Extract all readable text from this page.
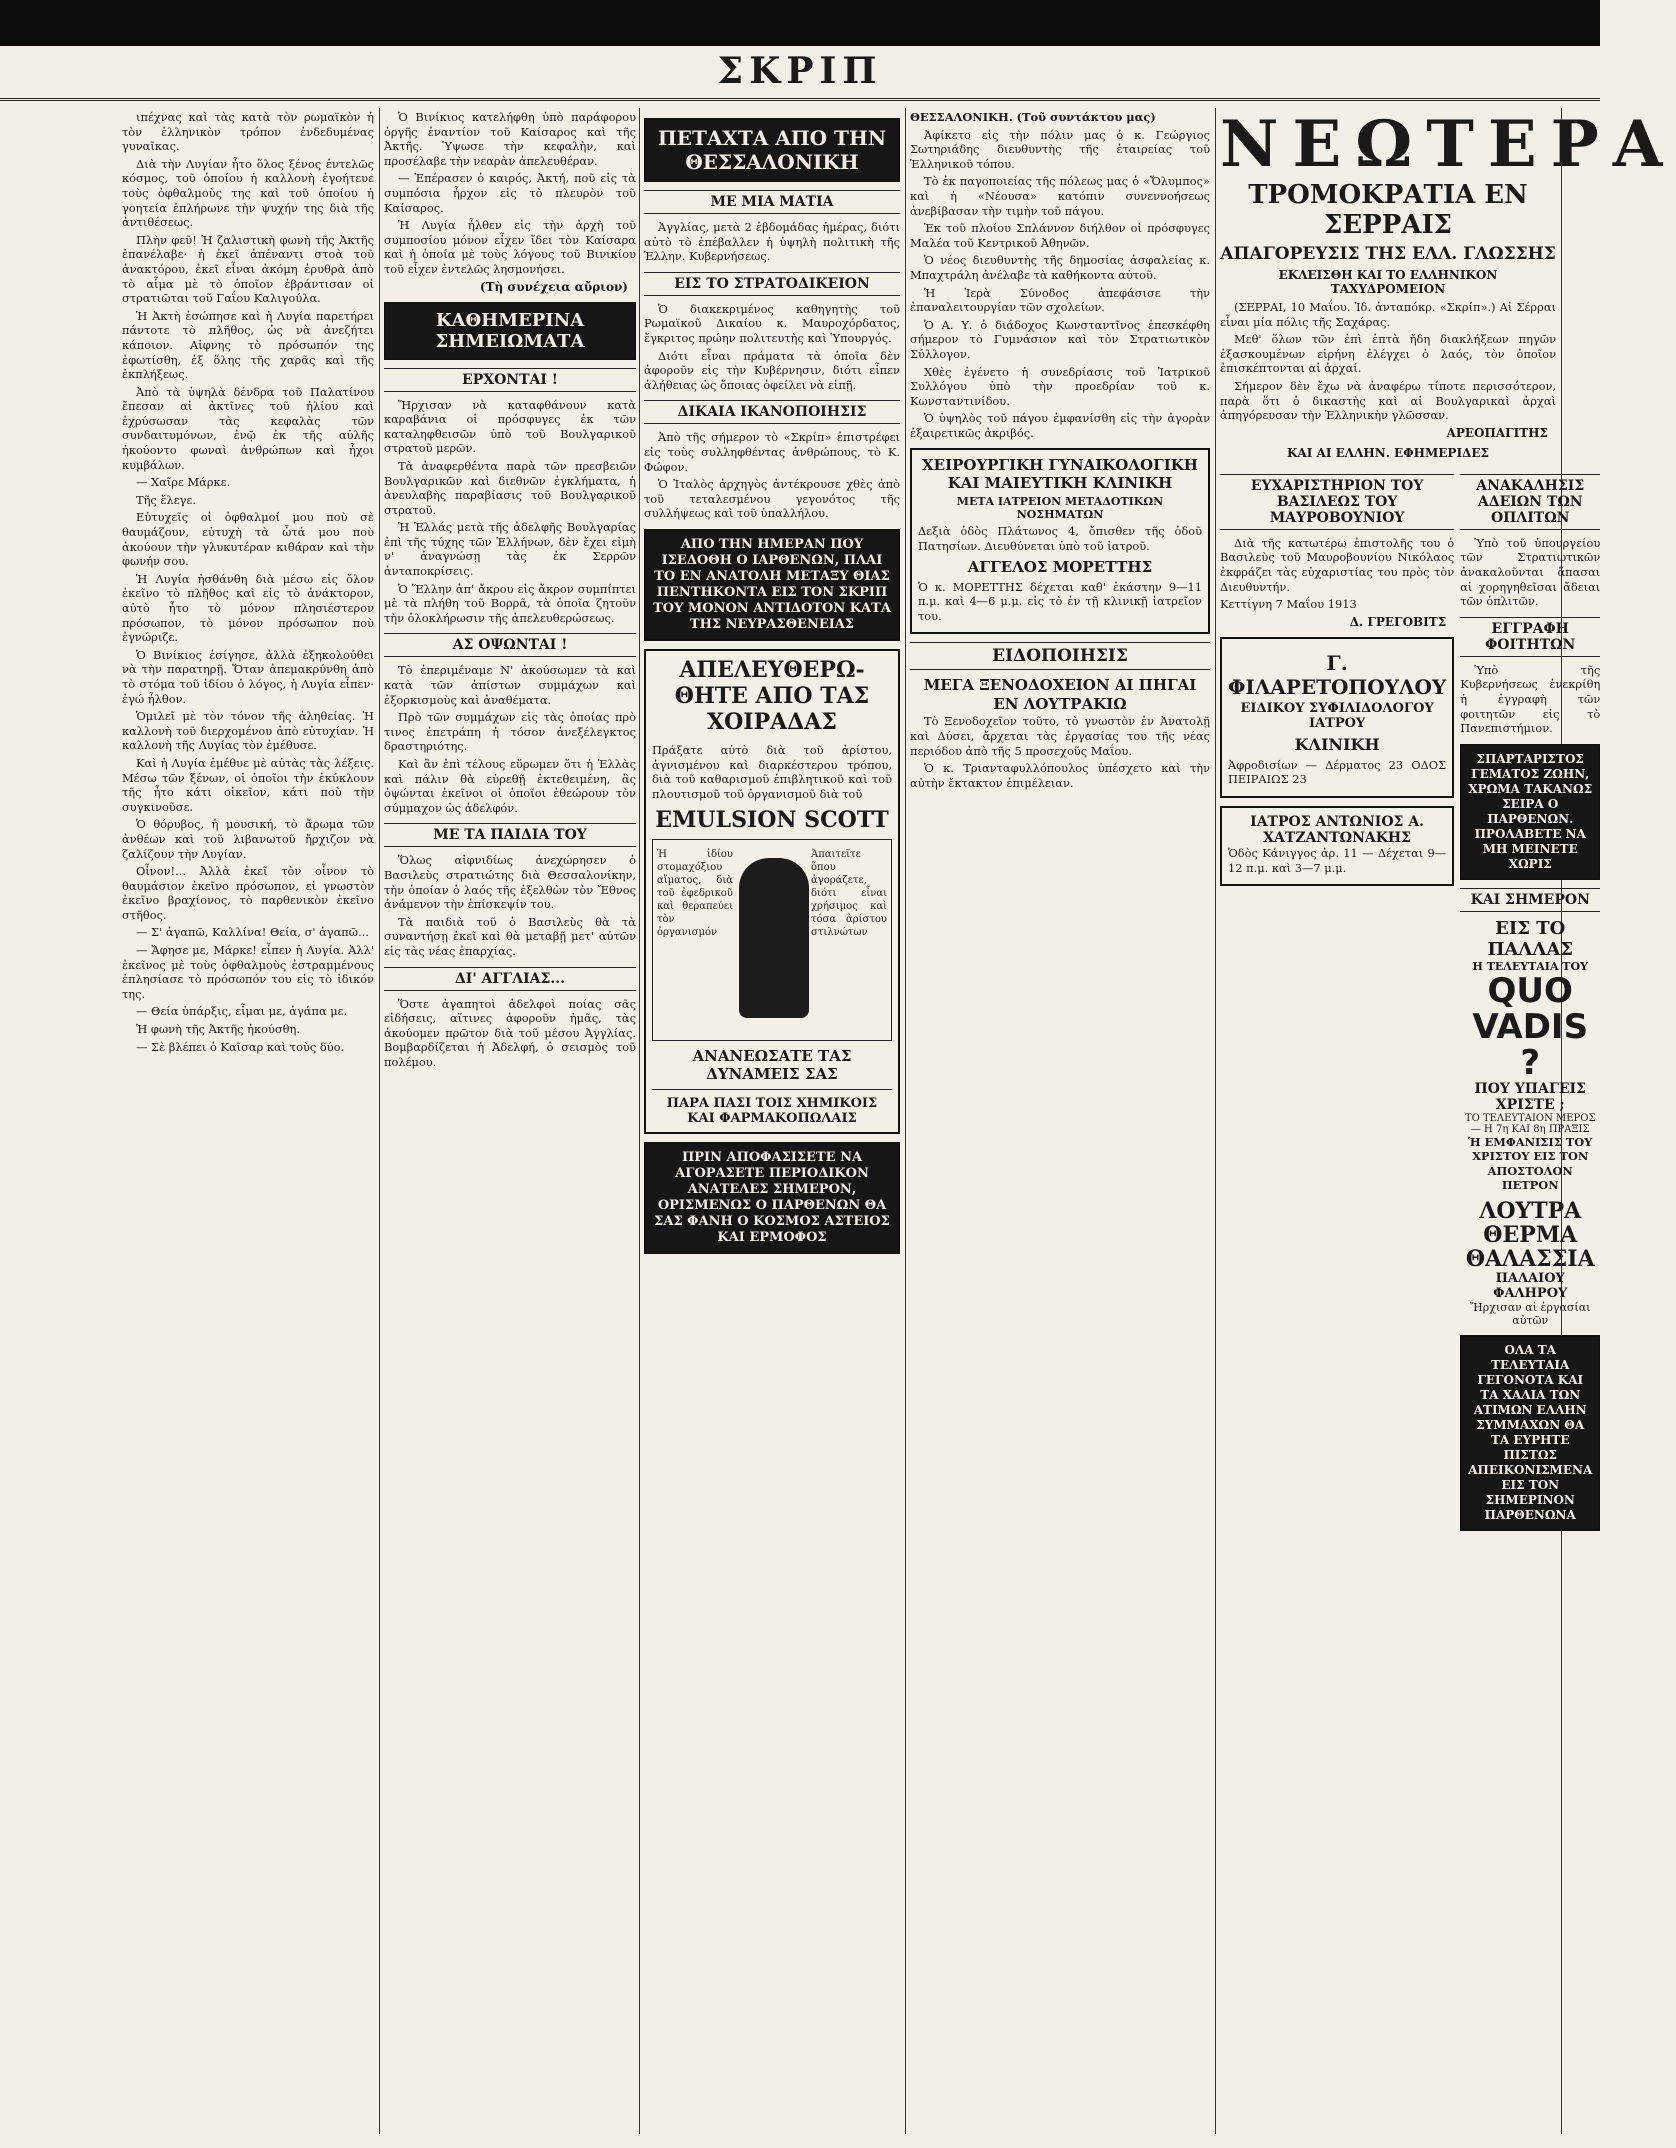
ΣΚΡΙΠ

ιπέχνας καὶ τὰς κατὰ τὸν ρωμαϊκὸν ἡ τὸν ἑλληνικὸν τρόπον ἐνδεδυμένας γυναῖκας.

Διὰ τὴν Λυγίαν ἦτο ὅλος ξένος ἐντελῶς κόσμος, τοῦ ὁποίου ἡ καλλονὴ ἐγοήτευε τοὺς ὀφθαλμοὺς της καὶ τοῦ ὁποίου ἡ γοητεία ἐπλήρωνε τὴν ψυχήν της διὰ τῆς ἀντιθέσεως.

Πλὴν φεῦ! Ἡ ζαλιστικὴ φωνὴ τῆς Ἀκτῆς ἐπανέλαβε· ἡ ἐκεῖ ἀπέναντι στοὰ τοῦ ἀνακτόρου, ἐκεῖ εἶναι ἀκόμη ἐρυθρὰ ἀπὸ τὸ αἷμα μὲ τὸ ὁποῖον ἐβράντισαν οἱ στρατιῶται τοῦ Γαΐου Καλιγούλα.

Ἡ Ἀκτὴ ἐσώπησε καὶ ἡ Λυγία παρετήρει πάντοτε τὸ πλῆθος, ὡς νὰ ἀνεζήτει κάποιον. Αἰφνης τὸ πρόσωπόν της ἐφωτίσθη, ἐξ ὅλης τῆς χαρᾶς καὶ τῆς ἐκπλήξεως.

Ἀπὸ τὰ ὑψηλὰ δένδρα τοῦ Παλατίνου ἔπεσαν αἱ ἀκτῖνες τοῦ ἡλίου καὶ ἐχρύσωσαν τὰς κεφαλὰς τῶν συνδαιτυμόνων, ἐνῷ ἐκ τῆς αὐλῆς ἠκούοντο φωναὶ ἀνθρώπων καὶ ἦχοι κυμβάλων.

— Χαῖρε Μάρκε.

Τῆς ἔλεγε.

Εὐτυχεῖς οἱ ὀφθαλμοί μου ποὺ σὲ θαυμάζουν, εὐτυχὴ τὰ ὦτά μου ποὺ ἀκούουν τὴν γλυκυτέραν κιθάραν καὶ τὴν φωνήν σου.

Ἡ Λυγία ἠσθάνθη διὰ μέσω εἰς ὅλον ἐκεῖνο τὸ πλῆθος καὶ εἰς τὸ ἀνάκτορον, αὐτὸ ἦτο τὸ μόνον πλησιέστερον πρόσωπον, τὸ μόνον πρόσωπον ποὺ ἐγνώριζε.

Ὁ Βινίκιος ἐσίγησε, ἀλλὰ ἐξηκολούθει νὰ τὴν παρατηρῇ. Ὅταν ἀπεμακρύνθη ἀπὸ τὸ στόμα τοῦ ἰδίου ὁ λόγος, ἡ Λυγία εἶπεν· ἐγώ ἦλθον.

Ὁμιλεῖ μὲ τὸν τόνον τῆς ἀληθείας. Ἡ καλλονὴ τοῦ διερχομένου ἀπὸ εὐτυχίαν. Ἡ καλλονὴ τῆς Λυγίας τὸν ἐμέθυσε.

Καὶ ἡ Λυγία ἐμέθυε μὲ αὐτὰς τὰς λέξεις. Μέσω τῶν ξένων, οἱ ὁποῖοι τὴν ἐκύκλουν τῆς ἦτο κάτι οἰκεῖον, κάτι ποὺ τὴν συγκινοῦσε.

Ὁ θόρυβος, ἡ μουσική, τὸ ἄρωμα τῶν ἀνθέων καὶ τοῦ λιβανωτοῦ ἤρχιζον νὰ ζαλίζουν τὴν Λυγίαν.

Οἶνον!... Ἀλλὰ ἐκεῖ τὸν οἶνον τὸ θαυμάσιον ἐκεῖνο πρόσωπον, εἰ γνωστὸν ἐκεῖνο βραχίονος, τὸ παρθενικὸν ἐκεῖνο στῆθος.

— Σ' ἀγαπῶ, Καλλίνα! Θεία, σ' ἀγαπῶ...

— Ἄφησε με, Μάρκε! εἶπεν ἡ Λυγία. Ἀλλ' ἐκεῖνος μὲ τοὺς ὀφθαλμοὺς ἐστραμμένους ἐπλησίασε τὸ πρόσωπόν του εἰς τὸ ἰδικόν της.

— Θεία ὑπάρξις, εἶμαι με, ἀγάπα με.

Ἡ φωνὴ τῆς Ἀκτῆς ἠκούσθη.

— Σὲ βλέπει ὁ Καῖσαρ καὶ τοὺς δύο.

Ὁ Βινίκιος κατελήφθη ὑπὸ παράφορου ὀργῆς ἐναντίον τοῦ Καίσαρος καὶ τῆς Ἀκτῆς. Ὑψωσε τὴν κεφαλὴν, καὶ προσέλαβε τὴν νεαρὰν ἀπελευθέραν.

— Ἐπέρασεν ὁ καιρός, Ἀκτή, ποῦ εἰς τὰ συμπόσια ἦρχον εἰς τὸ πλευρὸν τοῦ Καίσαρος.

Ἡ Λυγία ἦλθεν εἰς τὴν ἀρχὴ τοῦ συμποσίου μόνον εἶχεν ἴδει τὸν Καίσαρα καὶ ἡ ὁποία μὲ τοὺς λόγους τοῦ Βινικίου τοῦ εἶχεν ἐντελῶς λησμονήσει.

(Τὴ συνέχεια αὔριον)
ΚΑΘΗΜΕΡΙΝΑ ΣΗΜΕΙΩΜΑΤΑ
ΕΡΧΟΝΤΑΙ !

Ἤρχισαν νὰ καταφθάνουν κατὰ καραβάνια οἱ πρόσφυγες ἐκ τῶν καταληφθεισῶν ὑπὸ τοῦ Βουλγαρικοῦ στρατοῦ μερῶν.

Τὰ ἀναφερθέντα παρὰ τῶν πρεσβειῶν Βουλγαρικῶν καὶ διεθνῶν ἐγκλήματα, ἡ ἀνευλαβὴς παραβίασις τοῦ Βουλγαρικοῦ στρατοῦ.

Ἡ Ἑλλάς μετὰ τῆς ἀδελφῆς Βουλγαρίας ἐπὶ τῆς τύχης τῶν Ἑλλήνων, δὲν ἔχει εἰμὴ ν' ἀναγνώσῃ τὰς ἐκ Σερρῶν ἀνταποκρίσεις.

Ὁ Ἕλλην ἀπ' ἄκρου εἰς ἄκρον συμπίπτει μὲ τὰ πλήθη τοῦ Βορρᾶ, τὰ ὁποῖα ζητοῦν τὴν ὁλοκλήρωσιν τῆς ἀπελευθερώσεως.

ΑΣ ΟΨΩΝΤΑΙ !

Τὸ ἐπεριμέναμε Ν' ἀκούσωμεν τὰ καὶ κατὰ τῶν ἀπίστων συμμάχων καὶ ἐξορκισμοὺς καὶ ἀναθέματα.

Πρὸ τῶν συμμάχων εἰς τὰς ὁποίας πρὸ τινος ἐπετράπη ἡ τόσον ἀνεξέλεγκτος δραστηριότης.

Καὶ ἂν ἐπὶ τέλους εὕρωμεν ὅτι ἡ Ἑλλὰς καὶ πάλιν θὰ εὑρεθῇ ἐκτεθειμένη, ἂς ὀψώνται ἐκεῖνοι οἱ ὁποῖοι ἐθεώρουν τὸν σύμμαχον ὡς ἀδελφόν.

ΜΕ ΤΑ ΠΑΙΔΙΑ ΤΟΥ

Ὅλως αἰφνιδίως ἀνεχώρησεν ὁ Βασιλεὺς στρατιώτης διὰ Θεσσαλονίκην, τὴν ὁποίαν ὁ λαός τῆς ἐξελθὼν τὸν Ἔθνος ἀνάμενον τὴν ἐπίσκεψίν του.

Τὰ παιδιὰ τοῦ ὁ Βασιλεὺς θὰ τὰ συναντήσῃ ἐκεῖ καὶ θὰ μεταβῇ μετ' αὐτῶν εἰς τὰς νέας ἐπαρχίας.

ΔΙ' ΑΓΓΛΙΑΣ...

Ὅστε ἀγαπητοὶ ἀδελφοὶ ποίας σᾶς εἰδήσεις, αἵτινες ἀφοροῦν ἡμᾶς, τὰς ἀκούομεν πρῶτον διὰ τοῦ μέσου Ἀγγλίας. Βομβαρδίζεται ἡ Ἀδελφή, ὁ σεισμὸς τοῦ πολέμου.

ΠΕΤΑΧΤΑ ΑΠΟ ΤΗΝ ΘΕΣΣΑΛΟΝΙΚΗ
ΜΕ ΜΙΑ ΜΑΤΙΑ

Ἀγγλίας, μετὰ 2 ἑβδομάδας ἡμέρας, διότι αὐτὸ τὸ ἐπέβαλλεν ἡ ὑψηλὴ πολιτικὴ τῆς Ἑλλην. Κυβερνήσεως.

ΕΙΣ ΤΟ ΣΤΡΑΤΟΔΙΚΕΙΟΝ

Ὁ διακεκριμένος καθηγητὴς τοῦ Ρωμαϊκοῦ Δικαίου κ. Μαυροχόρδατος, ἔγκριτος πρώην πολιτευτὴς καὶ Ὑπουργός.

Διότι εἶναι πράματα τὰ ὁποῖα δὲν ἀφοροῦν εἰς τὴν Κυβέρνησιν, διότι εἶπεν ἀλήθειας ὡς ὅποιας ὀφείλει νὰ εἰπῇ.

ΔΙΚΑΙΑ ΙΚΑΝΟΠΟΙΗΣΙΣ

Ἀπὸ τῆς σήμερον τὸ «Σκρίπ» ἐπιστρέφει εἰς τοὺς συλληφθέντας ἀνθρώπους, τὸ Κ. Φώφον.

Ὁ Ἰταλὸς ἀρχηγὸς ἀντέκρουσε χθὲς ἀπὸ τοῦ τεταλεσμένου γεγονότος τῆς συλλήψεως καὶ τοῦ ὑπαλλήλου.

ΑΠΟ ΤΗΝ ΗΜΕΡΑΝ ΠΟΥ ΙΣΕΔΟΘΗ Ο ΙΑΡΘΕΝΩΝ, ΠΛΑΙ ΤΟ ΕΝ ΑΝΑΤΟΛΗ ΜΕΤΑΞΥ ΘΙΑΣ ΠΕΝΤΗΚΟΝΤΑ ΕΙΣ ΤΟΝ ΣΚΡΙΠ ΤΟΥ ΜΟΝΟΝ ΑΝΤΙΔΟΤΟΝ ΚΑΤΑ ΤΗΣ ΝΕΥΡΑΣΘΕΝΕΙΑΣ
ΑΠΕΛΕΥΘΕΡΩ-ΘΗΤΕ ΑΠΟ ΤΑΣ ΧΟΙΡΑΔΑΣ
Πράξατε αὐτὸ διὰ τοῦ ἀρίστου, ἀγνισμένου καὶ διαρκέστερου τρόπου, διὰ τοῦ καθαρισμοῦ ἐπιβλητικοῦ καὶ τοῦ πλουτισμοῦ τοῦ ὀργανισμοῦ διὰ τοῦ
EMULSION SCOTT
Ἡ ἰδίου στομαχόξιου αἵματος, διὰ τοῦ ἐφεδρικοῦ καὶ θεραπεύει τὸν ὀργανισμόν
Ἀπαιτεῖτε ὅπου ἀγοράζετε, διότι εἶναι χρήσιμος καὶ τόσα ἀρίστου στιλνώτων
ΑΝΑΝΕΩΣΑΤΕ ΤΑΣ ΔΥΝΑΜΕΙΣ ΣΑΣ
ΠΑΡΑ ΠΑΣΙ ΤΟΙΣ ΧΗΜΙΚΟΙΣ ΚΑΙ ΦΑΡΜΑΚΟΠΩΛΑΙΣ
ΠΡΙΝ ΑΠΟΦΑΣΙΣΕΤΕ ΝΑ ΑΓΟΡΑΣΕΤΕ ΠΕΡΙΟΔΙΚΟΝ ΑΝΑΤΕΛΕΣ ΣΗΜΕΡΟΝ, ΟΡΙΣΜΕΝΩΣ Ο ΠΑΡΘΕΝΩΝ ΘΑ ΣΑΣ ΦΑΝΗ Ο ΚΟΣΜΟΣ ΑΣΤΕΙΟΣ ΚΑΙ ΕΡΜΟΦΟΣ
ΘΕΣΣΑΛΟΝΙΚΗ. (Τοῦ συντάκτου μας)

Ἀφίκετο εἰς τὴν πόλιν μας ὁ κ. Γεώργιος Σωτηριάδης διευθυντὴς τῆς ἑταιρείας τοῦ Ἑλληνικοῦ τόπου.

Τὸ ἐκ παγοποιείας τῆς πόλεως μας ὁ «Ὄλυμπος» καὶ ἡ «Νέουσα» κατόπιν συνεννοήσεως ἀνεβίβασαν τὴν τιμὴν τοῦ πάγου.

Ἐκ τοῦ πλοίου Σπλάννον διήλθον οἱ πρόσφυγες Μαλέα τοῦ Κεντρικοῦ Ἀθηνῶν.

Ὁ νέος διευθυντὴς τῆς δημοσίας ἀσφαλείας κ. Μπαχτράλη ἀνέλαβε τὰ καθήκοντα αὐτοῦ.

Ἡ Ἱερὰ Σύνοδος ἀπεφάσισε τὴν ἐπαναλειτουργίαν τῶν σχολείων.

Ὁ Α. Υ. ὁ διάδοχος Κωνσταντῖνος ἐπεσκέφθη σήμερον τὸ Γυμνάσιον καὶ τὸν Στρατιωτικὸν Σύλλογον.

Χθὲς ἐγένετο ἡ συνεδρίασις τοῦ Ἰατρικοῦ Συλλόγου ὑπὸ τὴν προεδρίαν τοῦ κ. Κωνσταντινίδου.

Ὁ ὑψηλὸς τοῦ πάγου ἐμφανίσθη εἰς τὴν ἀγορὰν ἐξαιρετικῶς ἀκριβός.

ΧΕΙΡΟΥΡΓΙΚΗ ΓΥΝΑΙΚΟΛΟΓΙΚΗ ΚΑΙ ΜΑΙΕΥΤΙΚΗ ΚΛΙΝΙΚΗ
ΜΕΤΑ ΙΑΤΡΕΙΟΝ ΜΕΤΑΔΟΤΙΚΩΝ ΝΟΣΗΜΑΤΩΝ
Δεξιὰ ὁδὸς Πλάτωνος 4, ὄπισθεν τῆς ὁδοῦ Πατησίων. Διευθύνεται ὑπὸ τοῦ ἰατροῦ.
ΑΓΓΕΛΟΣ ΜΟΡΕΤΤΗΣ
Ὁ κ. ΜΟΡΕΤΤΗΣ δέχεται καθ' ἑκάστην 9—11 π.μ. καὶ 4—6 μ.μ. εἰς τὸ ἐν τῇ κλινικῇ ἰατρεῖον του.
ΕΙΔΟΠΟΙΗΣΙΣ
ΜΕΓΑ ΞΕΝΟΔΟΧΕΙΟΝ ΑΙ ΠΗΓΑΙ ΕΝ ΛΟΥΤΡΑΚΙΩ
Τὸ Ξενοδοχεῖον τοῦτο, τὸ γνωστὸν ἐν Ἀνατολῇ καὶ Δύσει, ἄρχεται τὰς ἐργασίας του τῆς νέας περιόδου ἀπὸ τῆς 5 προσεχοῦς Μαΐου.
Ὁ κ. Τριανταφυλλόπουλος ὑπέσχετο καὶ τὴν αὐτὴν ἔκτακτον ἐπιμέλειαν.
ΝΕΩΤΕΡΑ
ΤΡΟΜΟΚΡΑΤΙΑ ΕΝ ΣΕΡΡΑΙΣ
ΑΠΑΓΟΡΕΥΣΙΣ ΤΗΣ ΕΛΛ. ΓΛΩΣΣΗΣ
ΕΚΛΕΙΣΘΗ ΚΑΙ ΤΟ ΕΛΛΗΝΙΚΟΝ ΤΑΧΥΔΡΟΜΕΙΟΝ

(ΣΕΡΡΑΙ, 10 Μαΐου. Ἰδ. ἀνταπόκρ. «Σκρίπ».) Αἱ Σέρραι εἶναι μία πόλις τῆς Σαχάρας.

Μεθ' ὅλων τῶν ἐπὶ ἑπτὰ ἤδη διακλήξεων πηγῶν ἐξασκουμένων εἰρήνη ἐλέγχει ὁ λαός, τὸν ὁποῖον ἐπισκέπτονται αἱ ἀρχαί.

Σήμερον δὲν ἔχω νὰ ἀναφέρω τίποτε περισσότερον, παρὰ ὅτι ὁ δικαστὴς καὶ αἱ Βουλγαρικαὶ ἀρχαὶ ἀπηγόρευσαν τὴν Ἑλληνικὴν γλῶσσαν.

ΑΡΕΟΠΑΓΙΤΗΣ
ΚΑΙ ΑΙ ΕΛΛΗΝ. ΕΦΗΜΕΡΙΔΕΣ
ΕΥΧΑΡΙΣΤΗΡΙΟΝ ΤΟΥ ΒΑΣΙΛΕΩΣ ΤΟΥ ΜΑΥΡΟΒΟΥΝΙΟΥ
Διὰ τῆς κατωτέρω ἐπιστολῆς του ὁ Βασιλεὺς τοῦ Μαυροβουνίου Νικόλαος ἐκφράζει τὰς εὐχαριστίας του πρὸς τὸν Διευθυντήν.
Κεττίγνη 7 Μαΐου 1913
Δ. ΓΡΕΓΟΒΙΤΣ
Γ. ΦΙΛΑΡΕΤΟΠΟΥΛΟΥ
ΕΙΔΙΚΟΥ ΣΥΦΙΛΙΔΟΛΟΓΟΥ ΙΑΤΡΟΥ
ΚΛΙΝΙΚΗ
Ἀφροδισίων — Δέρματος 23 ΟΔΟΣ ΠΕΙΡΑΙΩΣ 23
ΙΑΤΡΟΣ ΑΝΤΩΝΙΟΣ Α. ΧΑΤΖΑΝΤΩΝΑΚΗΣ
Ὁδὸς Κάνιγγος ἀρ. 11 — Δέχεται 9—12 π.μ. καὶ 3—7 μ.μ.
ΑΝΑΚΑΛΗΣΙΣ ΑΔΕΙΩΝ ΤΩΝ ΟΠΛΙΤΩΝ
Ὑπὸ τοῦ ὑπουργείου τῶν Στρατιωτικῶν ἀνακαλοῦνται ἅπασαι αἱ χορηγηθεῖσαι ἄδειαι τῶν ὁπλιτῶν.
ΕΓΓΡΑΦΗ ΦΟΙΤΗΤΩΝ
Ὑπὸ τῆς Κυβερνήσεως ἐνεκρίθη ἡ ἐγγραφὴ τῶν φοιτητῶν εἰς τὸ Πανεπιστήμιον.
ΣΠΑΡΤΑΡΙΣΤΟΣ ΓΕΜΑΤΟΣ ΖΩΗΝ, ΧΡΩΜΑ ΤΑΚΑΝΩΣ ΣΕΙΡΑ Ο ΠΑΡΘΕΝΩΝ. ΠΡΟΛΑΒΕΤΕ ΝΑ ΜΗ ΜΕΙΝΕΤΕ ΧΩΡΙΣ
ΚΑΙ ΣΗΜΕΡΟΝ
ΕΙΣ ΤΟ ΠΑΛΛΑΣ
Η ΤΕΛΕΥΤΑΙΑ ΤΟΥ
QUO VADIS ?
ΠΟΥ ΥΠΑΓΕΙΣ ΧΡΙΣΤΕ ;
ΤΟ ΤΕΛΕΥΤΑΙΟΝ ΜΕΡΟΣ — Η 7η ΚΑΙ 8η ΠΡΑΞΙΣ
Ἡ ΕΜΦΑΝΙΣΙΣ ΤΟΥ ΧΡΙΣΤΟΥ ΕΙΣ ΤΟΝ ΑΠΟΣΤΟΛΟΝ ΠΕΤΡΟΝ
ΛΟΥΤΡΑ ΘΕΡΜΑ
ΘΑΛΑΣΣΙΑ
ΠΑΛΑΙΟΥ ΦΑΛΗΡΟΥ
Ἤρχισαν αἱ ἐργασίαι αὐτῶν
ΟΛΑ ΤΑ ΤΕΛΕΥΤΑΙΑ ΓΕΓΟΝΟΤΑ ΚΑΙ ΤΑ ΧΑΛΙΑ ΤΩΝ ΑΤΙΜΩΝ ΕΛΛΗΝ ΣΥΜΜΑΧΩΝ ΘΑ ΤΑ ΕΥΡΗΤΕ ΠΙΣΤΩΣ ΑΠΕΙΚΟΝΙΣΜΕΝΑ ΕΙΣ ΤΟΝ ΣΗΜΕΡΙΝΟΝ ΠΑΡΘΕΝΩΝΑ
